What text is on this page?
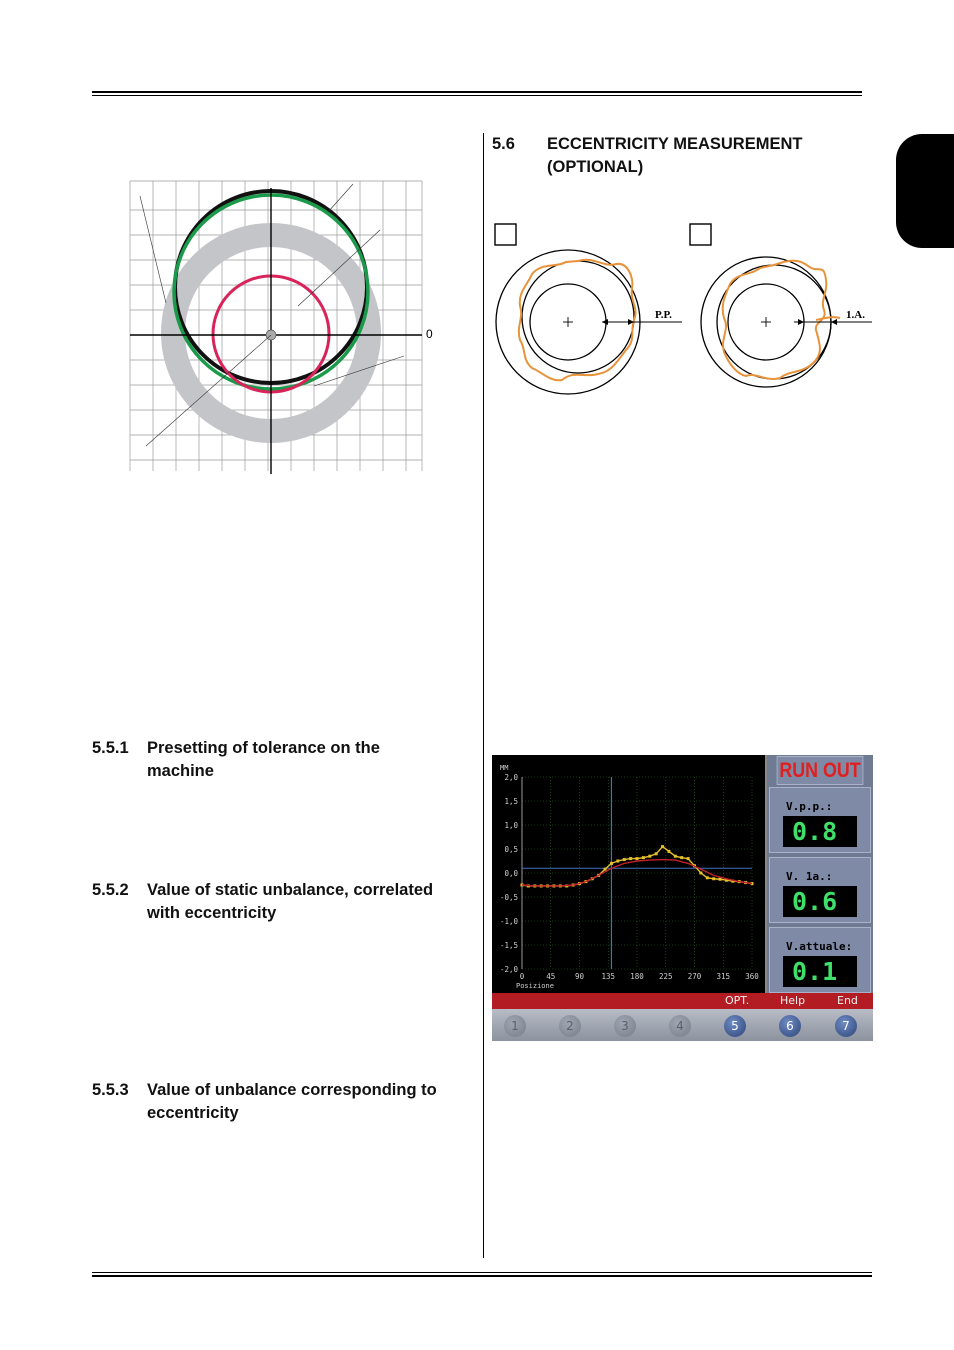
0
5.6 ECCENTRICITY MEASUREMENT
(OPTIONAL)
P.P.	1.A.
5.5.1 Presetting of tolerance on the
machine
5.5.2 Value of static unbalance, correlated
with eccentricity
5.5.3 Value of unbalance corresponding to
eccentricity
2,0
1,5
1,0
0,5
0,0
-0,5
-1,0
-1,5
-2,0
0	45	90 135 180 225 270 315 360
MM
Posizione
RUN OUT
V.p.p.:
0.8
V. 1a.:
0.6
V.attuale:
0.1
OPT.	Help	End
1	2	3	4	5	6	7
